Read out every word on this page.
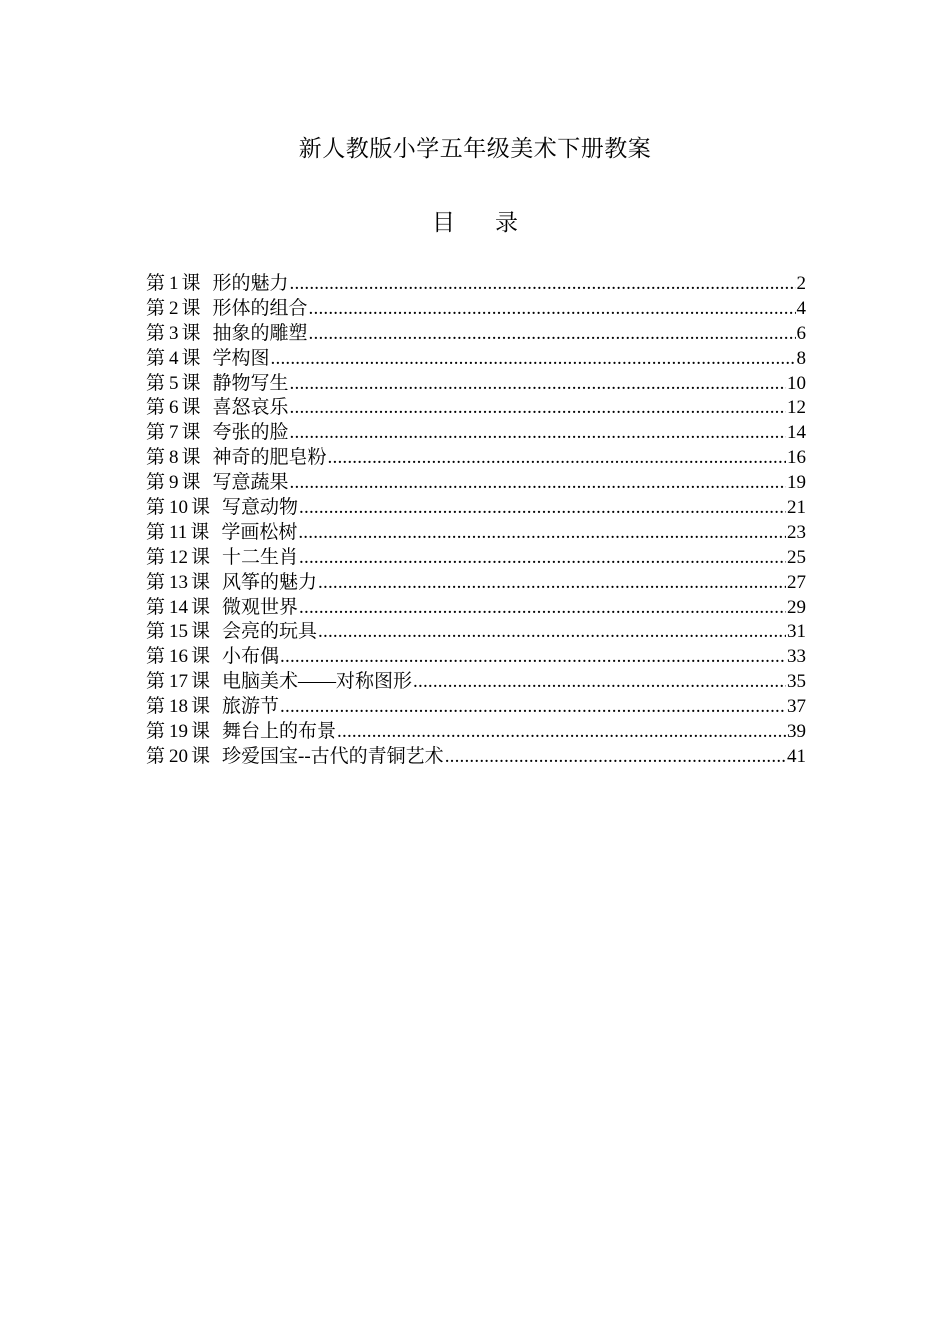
新人教版小学五年级美术下册教案
目 录
第 1 课 形的魅力 .....	2
第 2 课 形体的组合 .....	4
第 3 课 抽象的雕塑 .....	6
第 4 课 学构图 .....	8
第 5 课 静物写生 .....	10
第 6 课 喜怒哀乐 .....	12
第 7 课 夸张的脸 .....	14
第 8 课 神奇的肥皂粉 .....	16
第 9 课 写意蔬果 .....	19
第 10 课 写意动物 .....	21
第 11 课 学画松树 .....	23
第 12 课 十二生肖 .....	25
第 13 课 风筝的魅力 .....	27
第 14 课 微观世界 .....	29
第 15 课 会亮的玩具 .....	31
第 16 课 小布偶 .....	33
第 17 课 电脑美术——对称图形 .....	35
第 18 课 旅游节 .....	37
第 19 课 舞台上的布景 .....	39
第 20 课 珍爱国宝--古代的青铜艺术 .....	41
